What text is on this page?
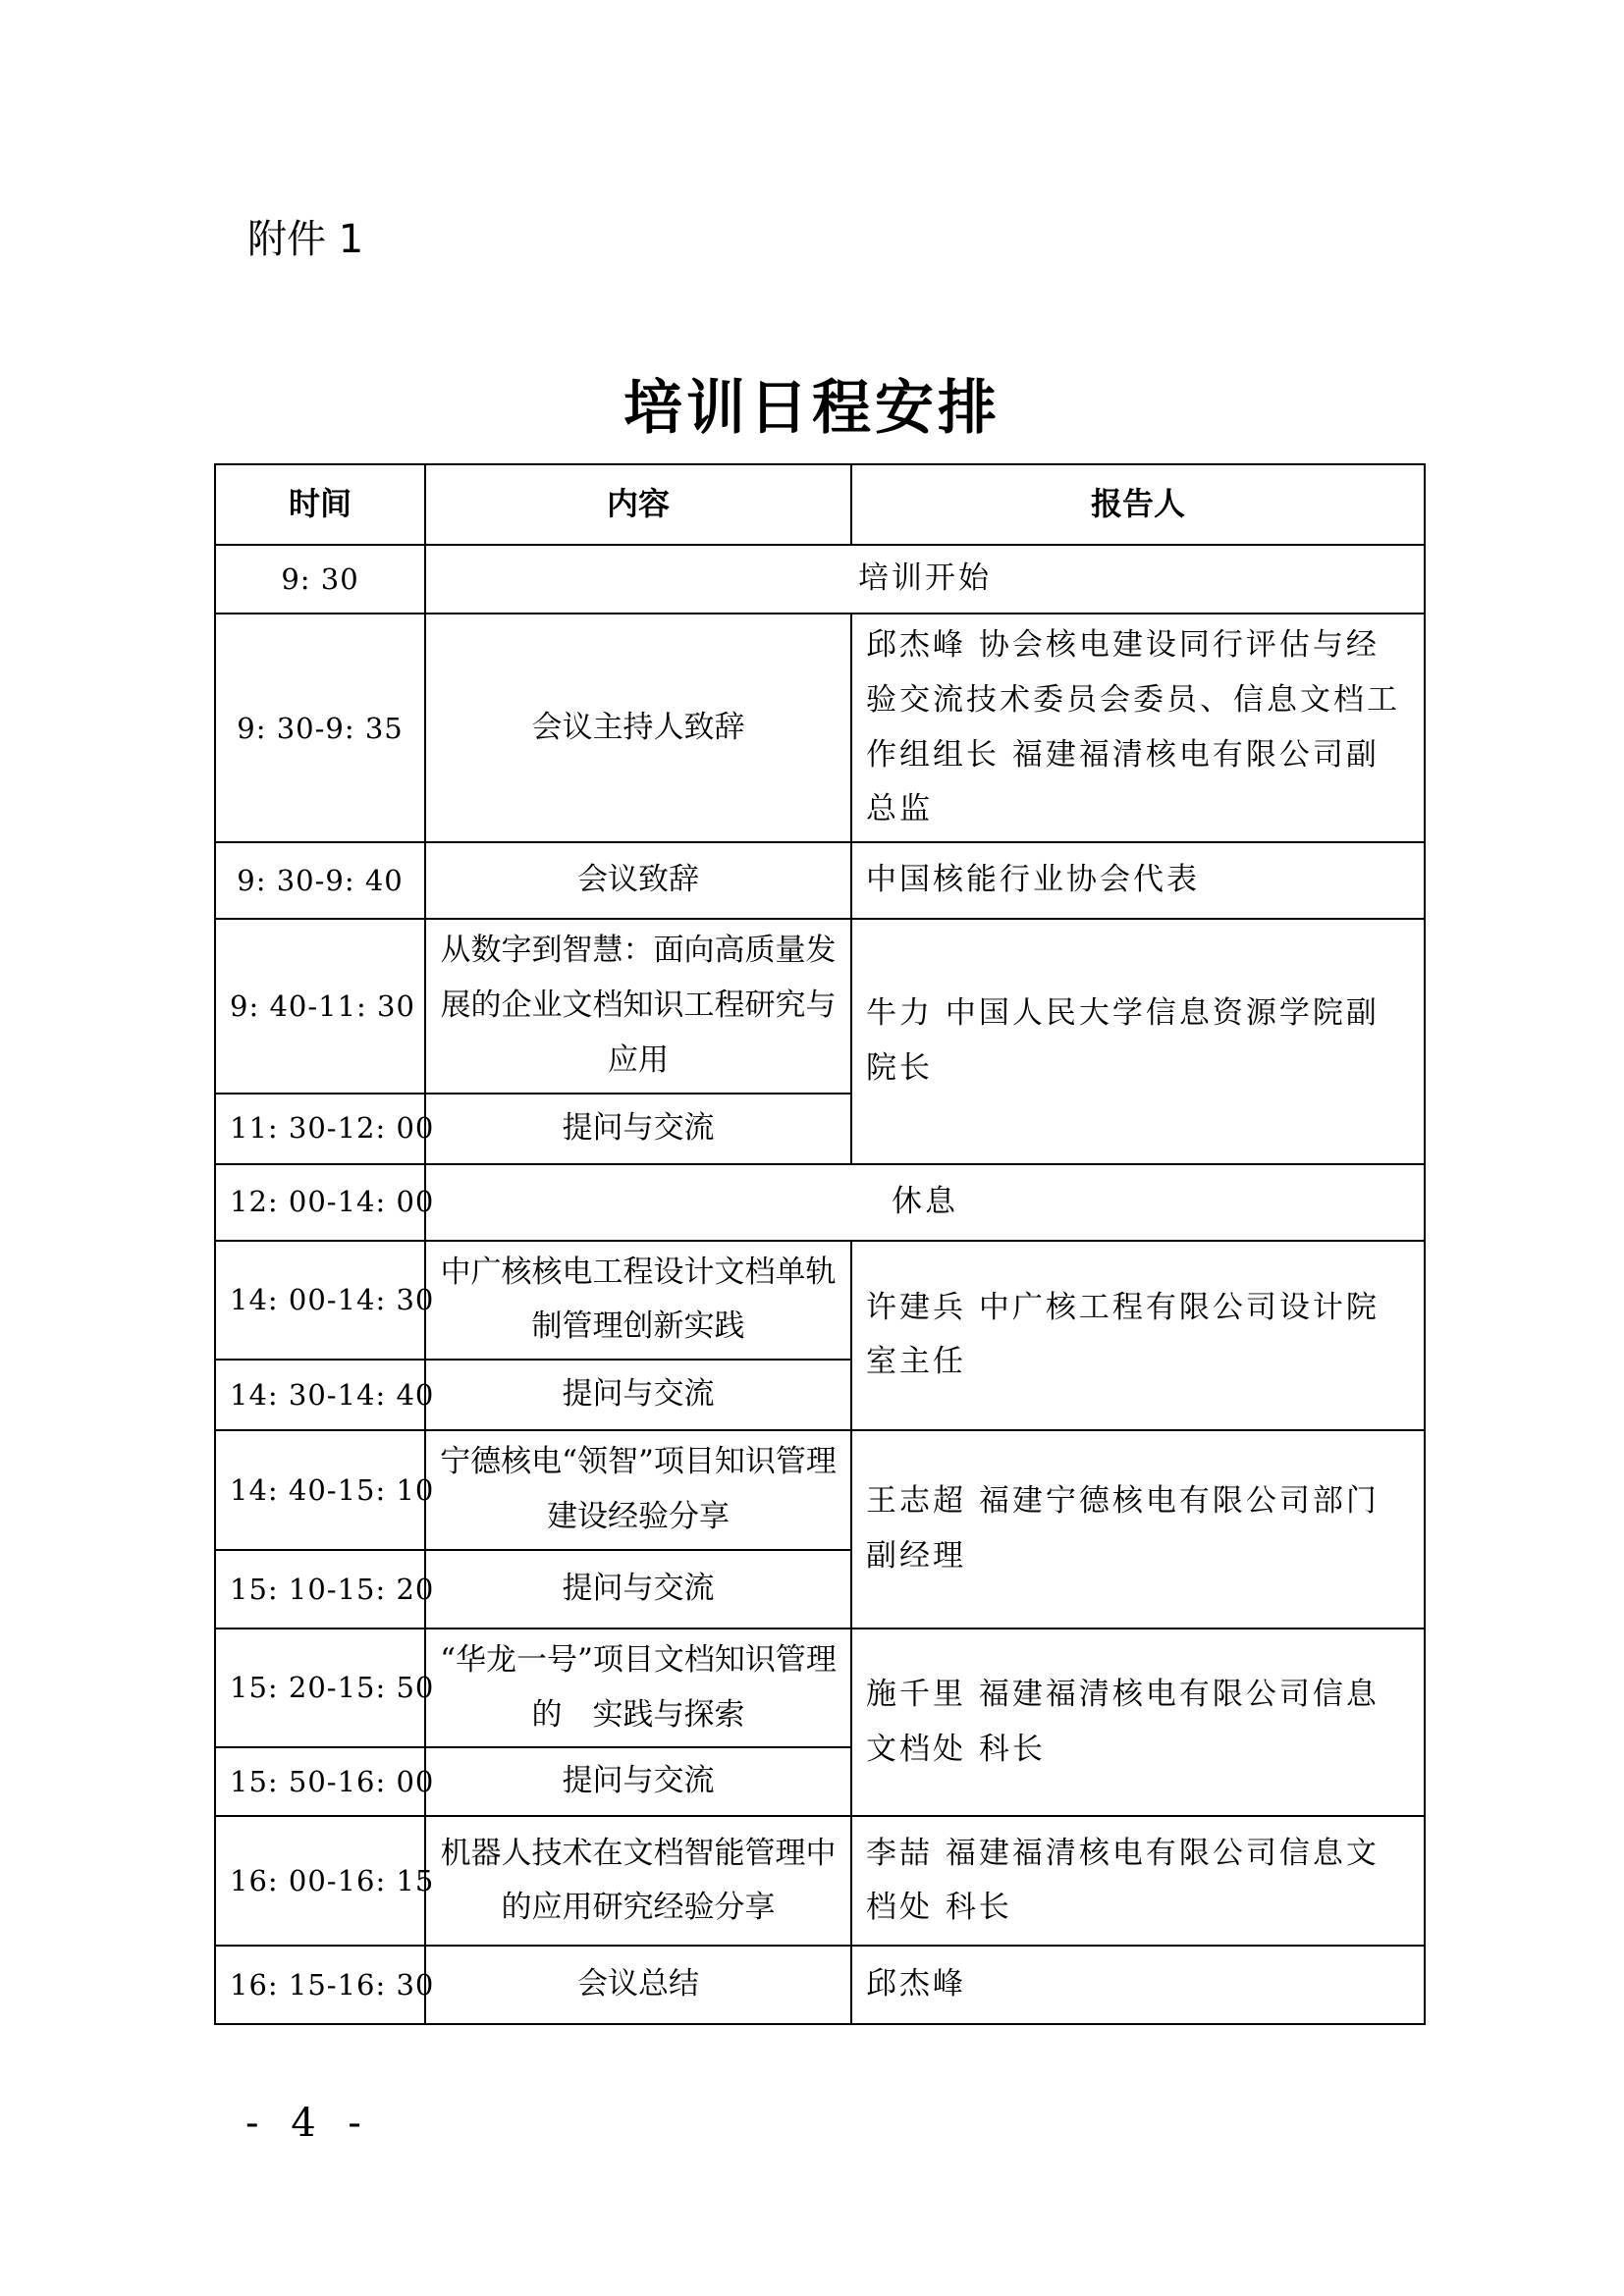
附件 1
培训日程安排
时间	内容	报告人
9: 30	培训开始	
9: 30-9: 35	会议主持人致辞	邱杰峰 协会核电建设同行评估与经验交流技术委员会委员、信息文档工作组组长 福建福清核电有限公司副总监
9: 30-9: 40	会议致辞	中国核能行业协会代表
9: 40-11: 30	从数字到智慧：面向高质量发展的企业文档知识工程研究与应用	牛力 中国人民大学信息资源学院副院长
11: 30-12: 00	提问与交流	
12: 00-14: 00	休息	
14: 00-14: 30	中广核核电工程设计文档单轨制管理创新实践	许建兵 中广核工程有限公司设计院室主任
14: 30-14: 40	提问与交流	
14: 40-15: 10	宁德核电“领智”项目知识管理建设经验分享	王志超 福建宁德核电有限公司部门副经理
15: 10-15: 20	提问与交流	
15: 20-15: 50	“华龙一号”项目文档知识管理的　实践与探索	施千里 福建福清核电有限公司信息文档处 科长
15: 50-16: 00	提问与交流	
16: 00-16: 15	机器人技术在文档智能管理中的应用研究经验分享	李喆 福建福清核电有限公司信息文档处 科长
16: 15-16: 30	会议总结	邱杰峰
- 4 -
